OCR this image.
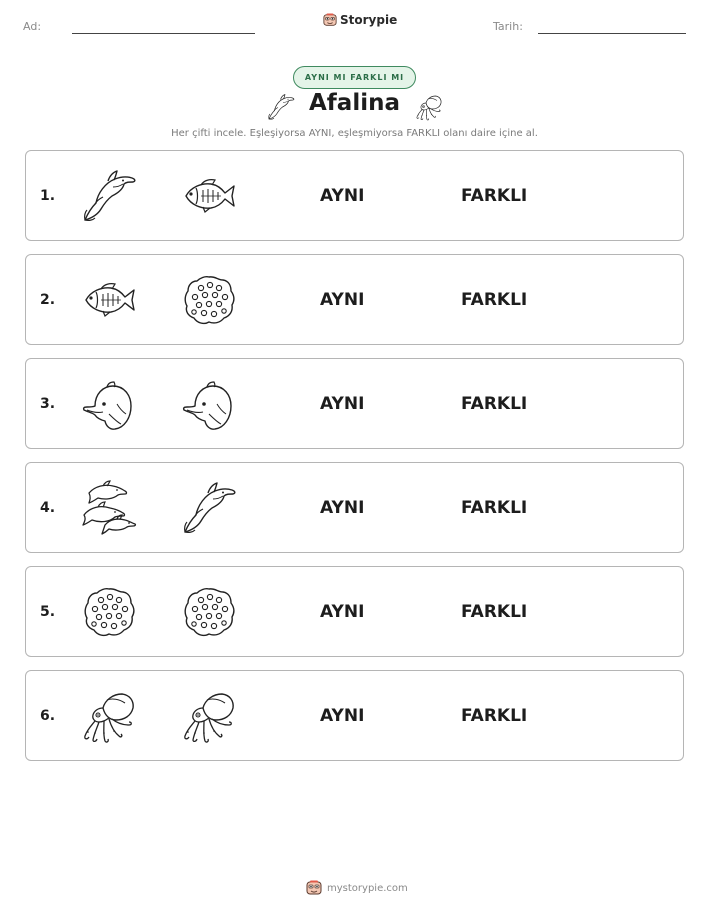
Ad:	Storypie	Tarih:
AYNI MI FARKLI MI
Afalina
Her çifti incele. Eşleşiyorsa AYNI, eşleşmiyorsa FARKLI olanı daire içine al.
1.	AYNI	FARKLI
2.	AYNI	FARKLI
3.	AYNI	FARKLI
4.	AYNI	FARKLI
5.	AYNI	FARKLI
6.	AYNI	FARKLI
mystorypie.com
